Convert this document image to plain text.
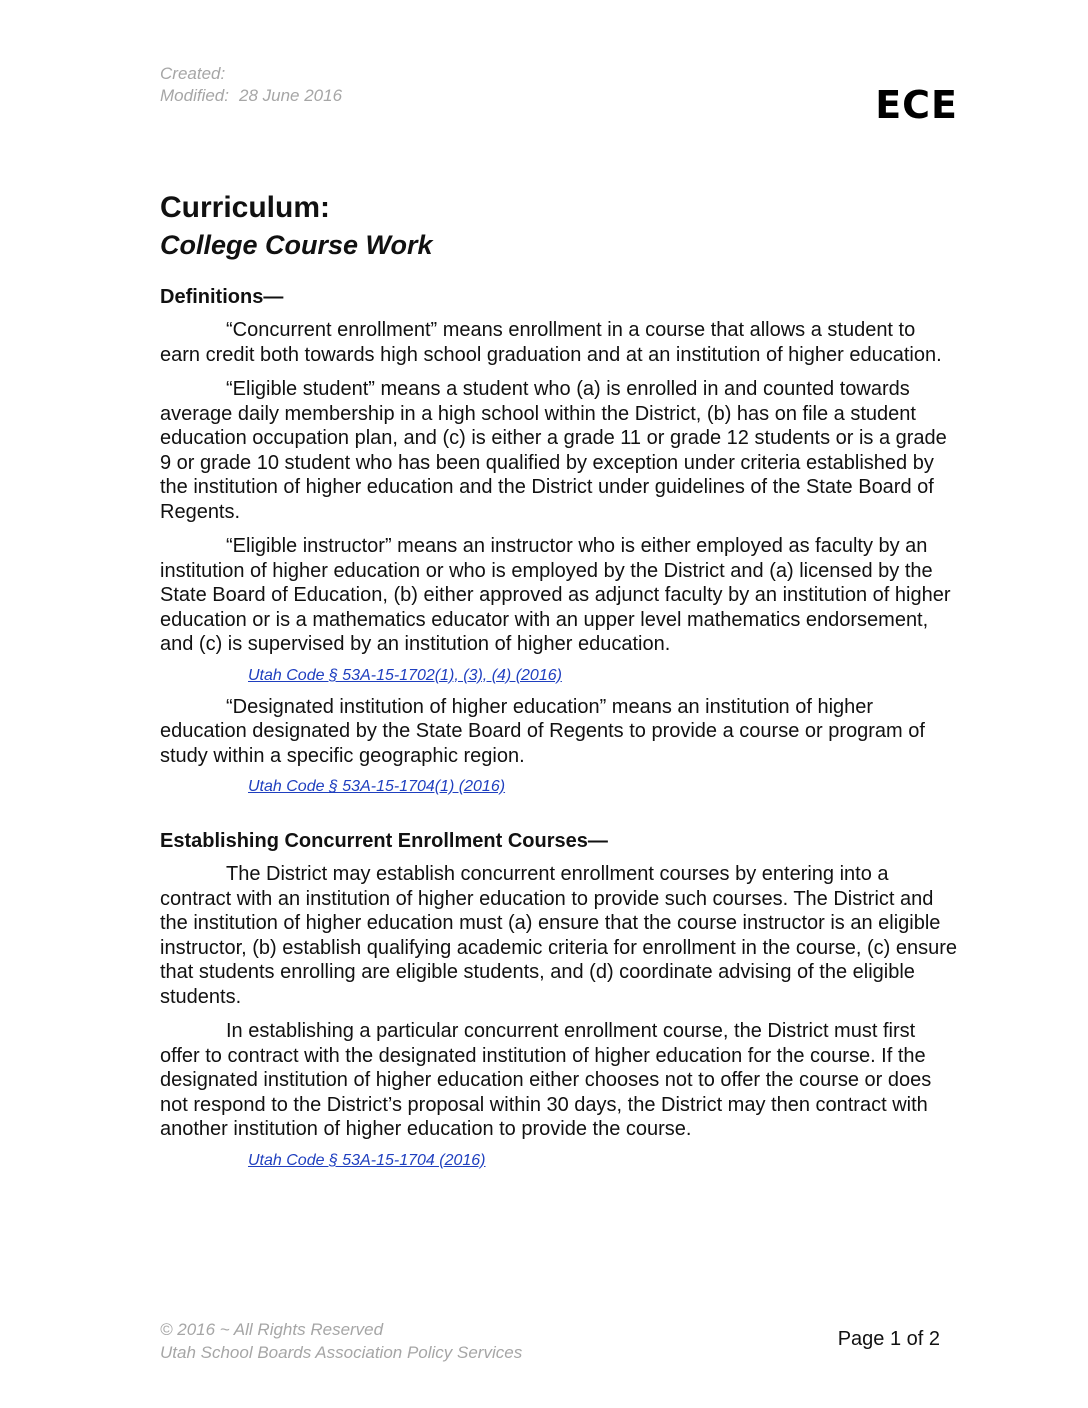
Created:
Modified: 28 June 2016	ECE
Curriculum:
College Course Work
Definitions—

“Concurrent enrollment” means enrollment in a course that allows a student to earn credit both towards high school graduation and at an institution of higher education.

“Eligible student” means a student who (a) is enrolled in and counted towards average daily membership in a high school within the District, (b) has on file a student education occupation plan, and (c) is either a grade 11 or grade 12 students or is a grade 9 or grade 10 student who has been qualified by exception under criteria established by the institution of higher education and the District under guidelines of the State Board of Regents.

“Eligible instructor” means an instructor who is either employed as faculty by an institution of higher education or who is employed by the District and (a) licensed by the State Board of Education, (b) either approved as adjunct faculty by an institution of higher education or is a mathematics educator with an upper level mathematics endorsement, and (c) is supervised by an institution of higher education.

Utah Code § 53A-15-1702(1), (3), (4) (2016)

“Designated institution of higher education” means an institution of higher education designated by the State Board of Regents to provide a course or program of study within a specific geographic region.

Utah Code § 53A-15-1704(1) (2016)
Establishing Concurrent Enrollment Courses—

The District may establish concurrent enrollment courses by entering into a contract with an institution of higher education to provide such courses. The District and the institution of higher education must (a) ensure that the course instructor is an eligible instructor, (b) establish qualifying academic criteria for enrollment in the course, (c) ensure that students enrolling are eligible students, and (d) coordinate advising of the eligible students.

In establishing a particular concurrent enrollment course, the District must first offer to contract with the designated institution of higher education for the course. If the designated institution of higher education either chooses not to offer the course or does not respond to the District’s proposal within 30 days, the District may then contract with another institution of higher education to provide the course.

Utah Code § 53A-15-1704 (2016)
© 2016 ~ All Rights Reserved
Utah School Boards Association Policy Services
Page 1 of 2
